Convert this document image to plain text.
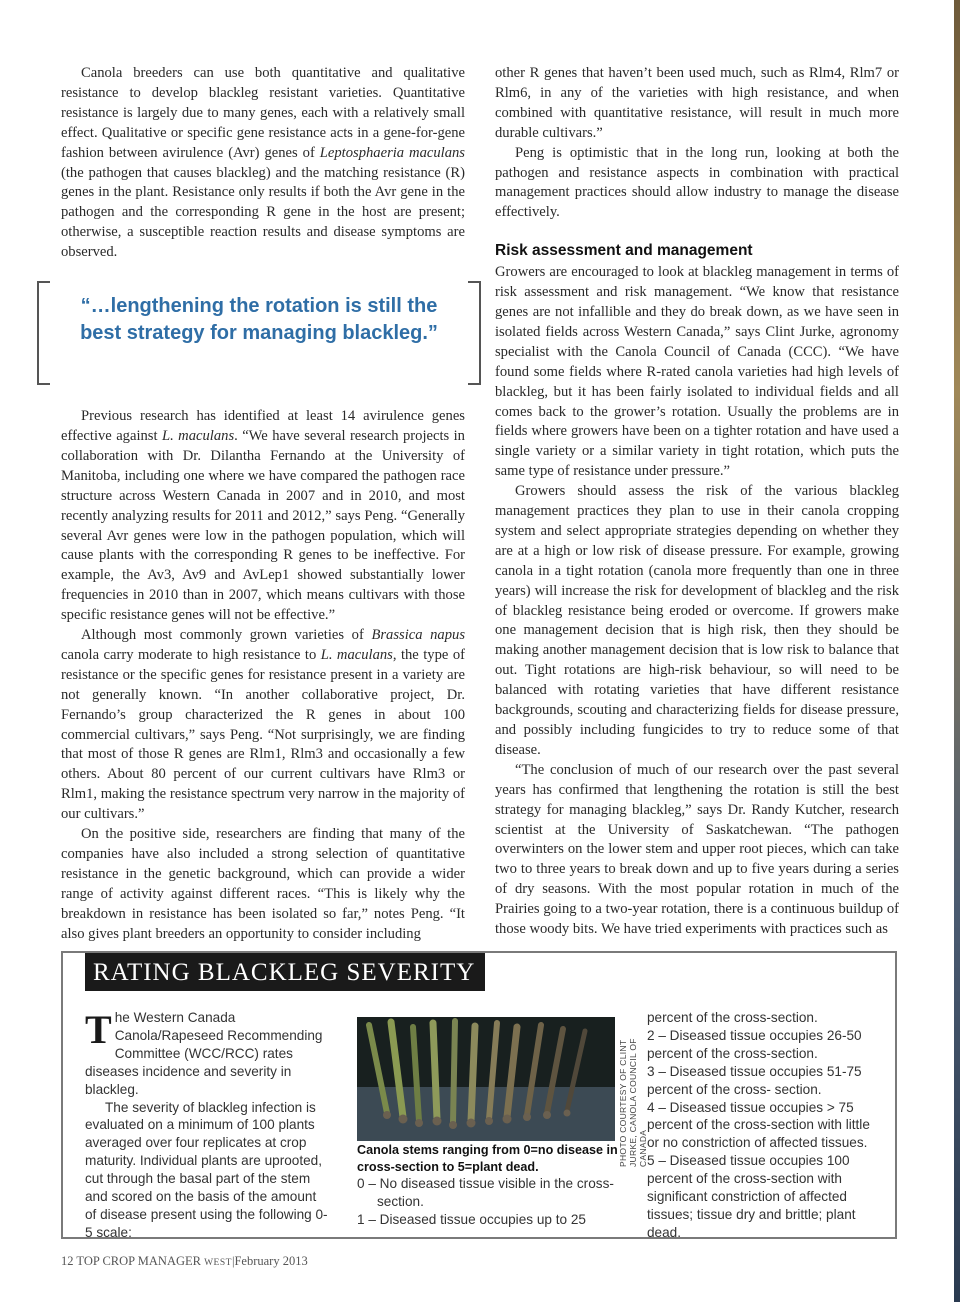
Canola breeders can use both quantitative and qualitative resistance to develop blackleg resistant varieties. Quantitative resistance is largely due to many genes, each with a relatively small effect. Qualitative or specific gene resistance acts in a gene-for-gene fashion between avirulence (Avr) genes of Leptosphaeria maculans (the pathogen that causes blackleg) and the matching resistance (R) genes in the plant. Resistance only results if both the Avr gene in the pathogen and the corresponding R gene in the host are present; otherwise, a susceptible reaction results and disease symptoms are observed.

“…lengthening the rotation is still the best strategy for managing blackleg.”

Previous research has identified at least 14 avirulence genes effective against L. maculans. “We have several research projects in collaboration with Dr. Dilantha Fernando at the University of Manitoba, including one where we have compared the pathogen race structure across Western Canada in 2007 and in 2010, and most recently analyzing results for 2011 and 2012,” says Peng. “Generally several Avr genes were low in the pathogen population, which will cause plants with the corresponding R genes to be ineffective. For example, the Av3, Av9 and AvLep1 showed substantially lower frequencies in 2010 than in 2007, which means cultivars with those specific resistance genes will not be effective.”

Although most commonly grown varieties of Brassica napus canola carry moderate to high resistance to L. maculans, the type of resistance or the specific genes for resistance present in a variety are not generally known. “In another collaborative project, Dr. Fernando’s group characterized the R genes in about 100 commercial cultivars,” says Peng. “Not surprisingly, we are finding that most of those R genes are Rlm1, Rlm3 and occasionally a few others. About 80 percent of our current cultivars have Rlm3 or Rlm1, making the resistance spectrum very narrow in the majority of our cultivars.”

On the positive side, researchers are finding that many of the companies have also included a strong selection of quantitative resistance in the genetic background, which can provide a wider range of activity against different races. “This is likely why the breakdown in resistance has been isolated so far,” notes Peng. “It also gives plant breeders an opportunity to consider including

other R genes that haven’t been used much, such as Rlm4, Rlm7 or Rlm6, in any of the varieties with high resistance, and when combined with quantitative resistance, will result in much more durable cultivars.”

Peng is optimistic that in the long run, looking at both the pathogen and resistance aspects in combination with practical management practices should allow industry to manage the disease effectively.

Risk assessment and management

Growers are encouraged to look at blackleg management in terms of risk assessment and risk management. “We know that resistance genes are not infallible and they do break down, as we have seen in isolated fields across Western Canada,” says Clint Jurke, agronomy specialist with the Canola Council of Canada (CCC). “We have found some fields where R-rated canola varieties had high levels of blackleg, but it has been fairly isolated to individual fields and all comes back to the grower’s rotation. Usually the problems are in fields where growers have been on a tighter rotation and have used a single variety or a similar variety in tight rotation, which puts the same type of resistance under pressure.”

Growers should assess the risk of the various blackleg management practices they plan to use in their canola cropping system and select appropriate strategies depending on whether they are at a high or low risk of disease pressure. For example, growing canola in a tight rotation (canola more frequently than one in three years) will increase the risk for development of blackleg and the risk of blackleg resistance being eroded or overcome. If growers make one management decision that is high risk, then they should be making another management decision that is low risk to balance that out. Tight rotations are high-risk behaviour, so will need to be balanced with rotating varieties that have different resistance backgrounds, scouting and characterizing fields for disease pressure, and possibly including fungicides to try to reduce some of that disease.

“The conclusion of much of our research over the past several years has confirmed that lengthening the rotation is still the best strategy for managing blackleg,” says Dr. Randy Kutcher, research scientist at the University of Saskatchewan. “The pathogen overwinters on the lower stem and upper root pieces, which can take two to three years to break down and up to five years during a series of dry seasons. With the most popular rotation in much of the Prairies going to a two-year rotation, there is a continuous buildup of those woody bits. We have tried experiments with practices such as

RATING BLACKLEG SEVERITY

The Western Canada Canola/Rapeseed Recommending Committee (WCC/RCC) rates diseases incidence and severity in blackleg.

The severity of blackleg infection is evaluated on a minimum of 100 plants averaged over four replicates at crop maturity. Individual plants are uprooted, cut through the basal part of the stem and scored on the basis of the amount of disease present using the following 0-5 scale:

PHOTO COURTESY OF CLINT JURKE, CANOLA COUNCIL OF CANADA
Canola stems ranging from 0=no disease in cross-section to 5=plant dead.
0 – No diseased tissue visible in the cross-section.
1 – Diseased tissue occupies up to 25
percent of the cross-section.
2 – Diseased tissue occupies 26-50 percent of the cross-section.
3 – Diseased tissue occupies 51-75 percent of the cross- section.
4 – Diseased tissue occupies > 75 percent of the cross-section with little or no constriction of affected tissues.
5 – Diseased tissue occupies 100 percent of the cross-section with significant constriction of affected tissues; tissue dry and brittle; plant dead.
12 TOP CROP MANAGER WEST|February 2013
